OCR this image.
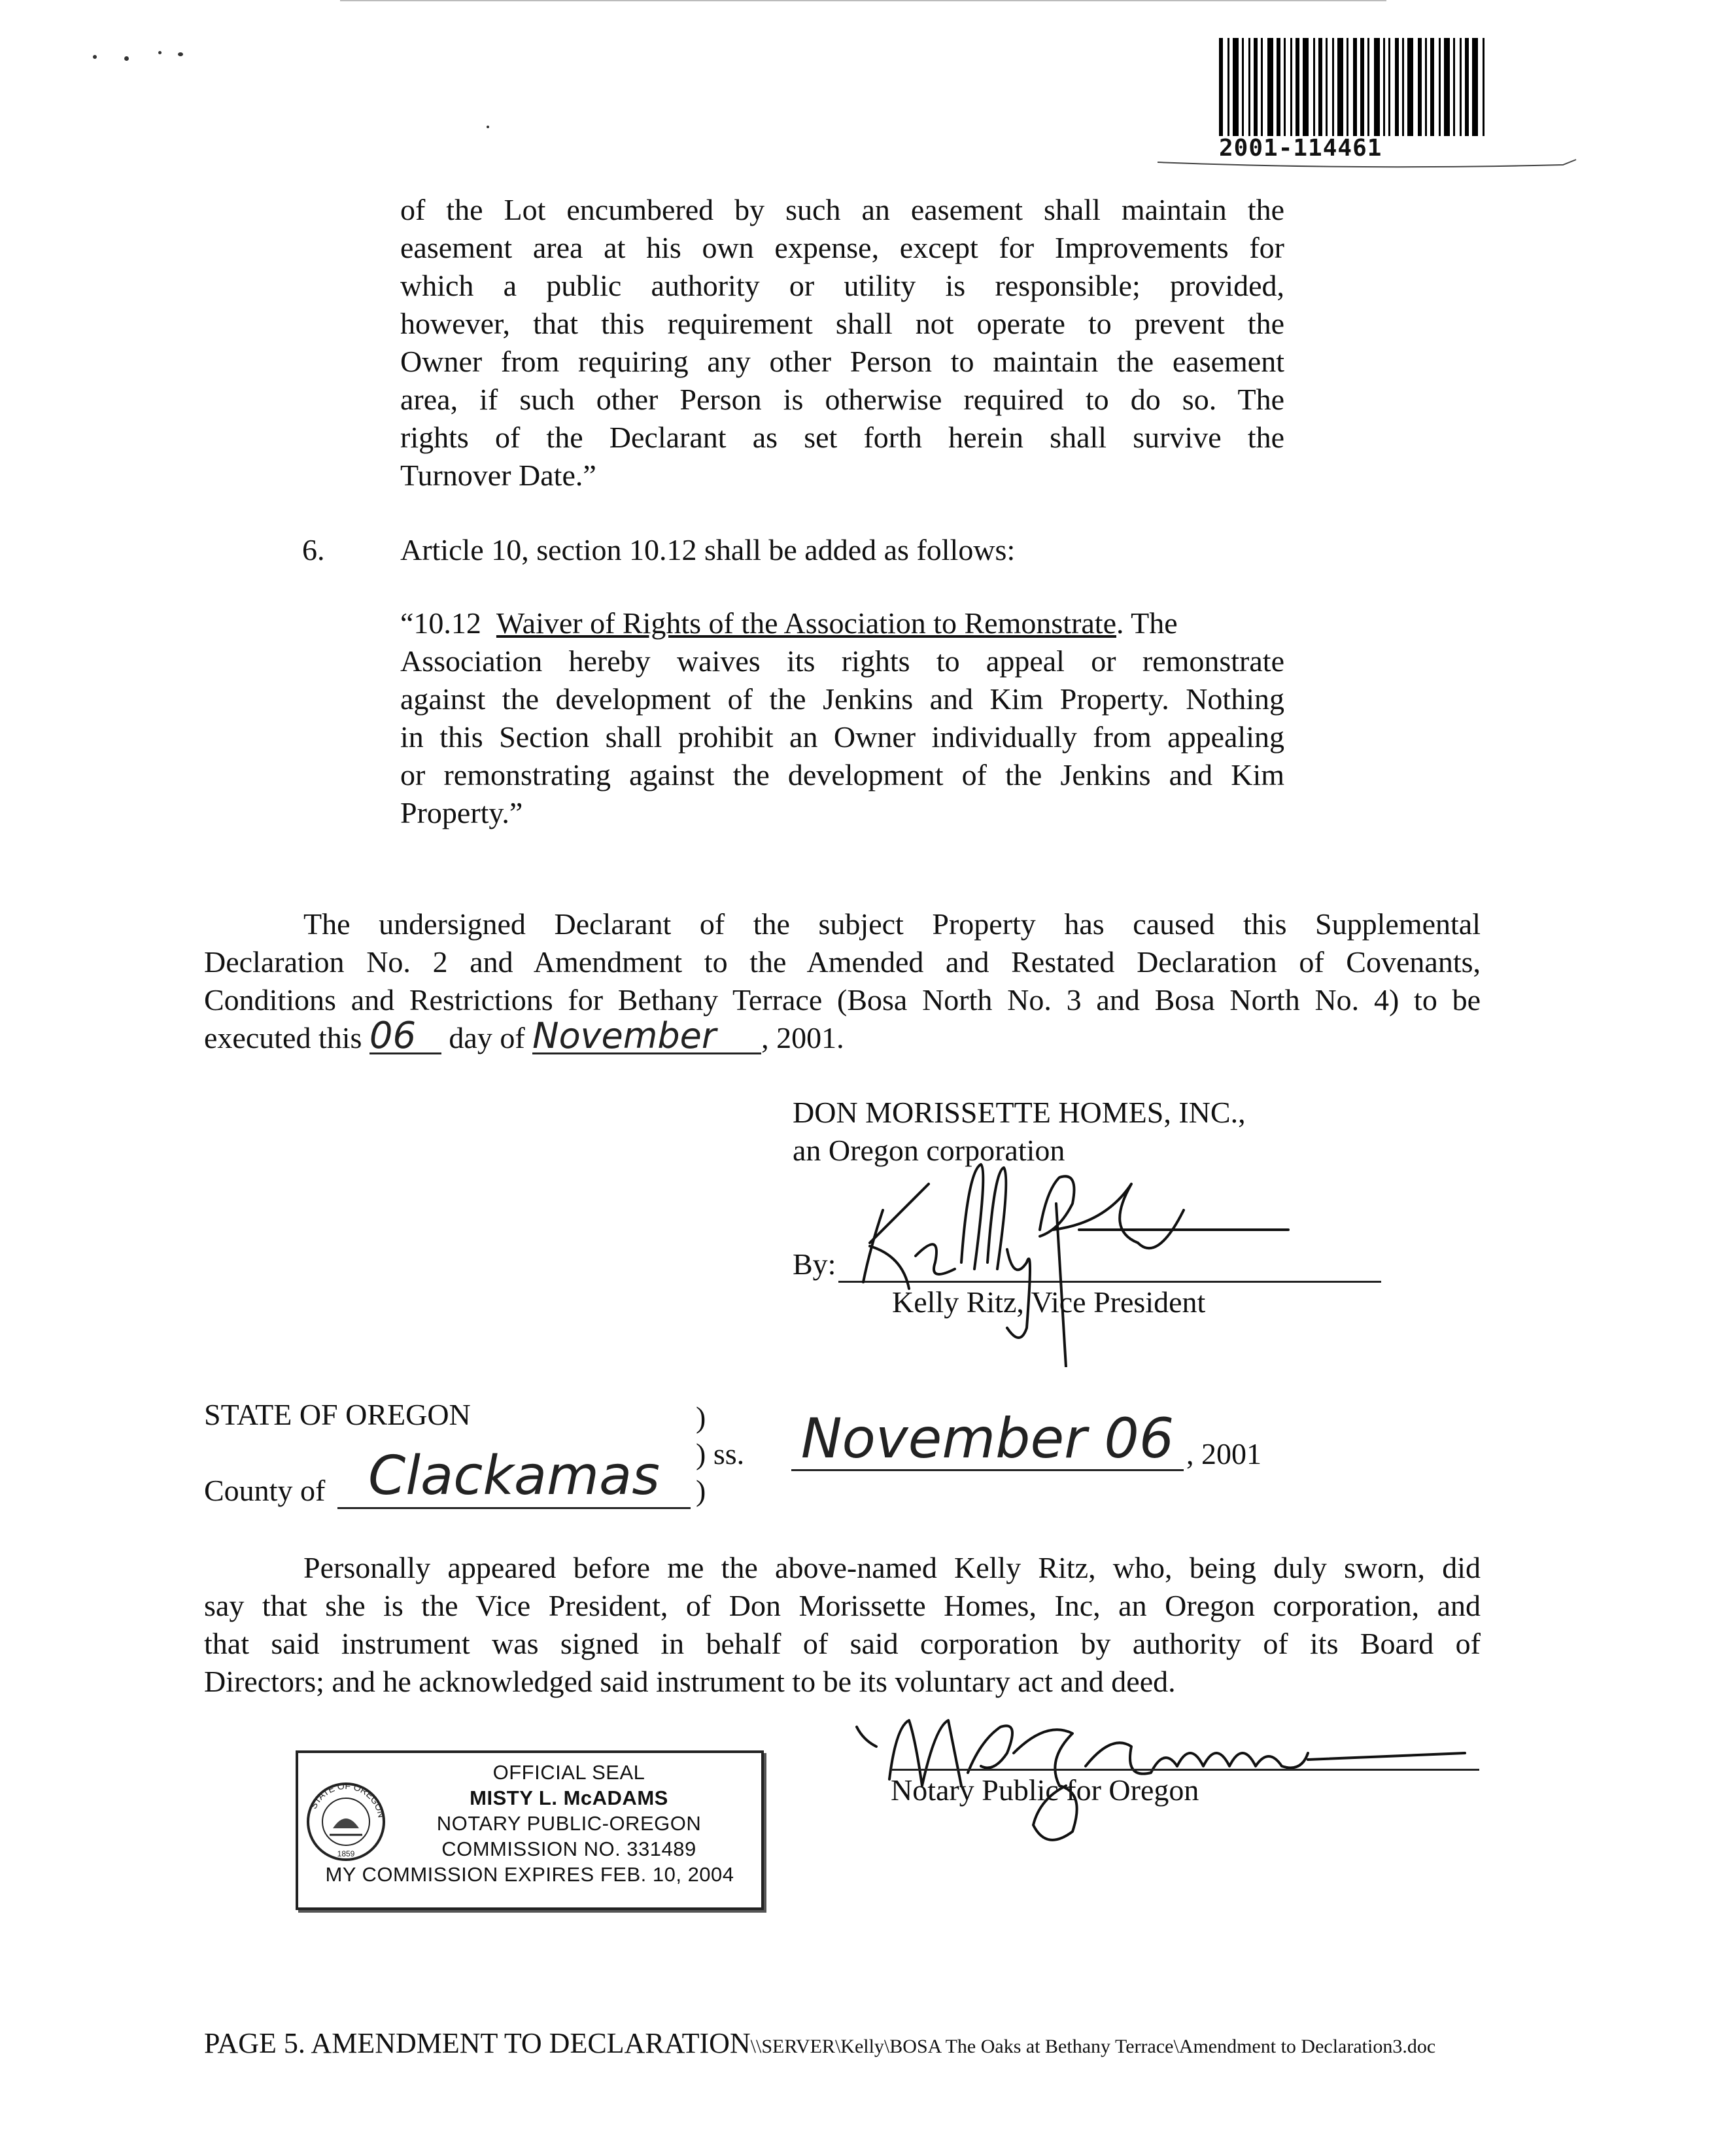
2001-114461
of the Lot encumbered by such an easement shall maintain the
easement area at his own expense, except for Improvements for
which a public authority or utility is responsible; provided,
however, that this requirement shall not operate to prevent the
Owner from requiring any other Person to maintain the easement
area, if such other Person is otherwise required to do so. The
rights of the Declarant as set forth herein shall survive the
Turnover Date.”
6.	Article 10, section 10.12 shall be added as follows:
“10.12 Waiver of Rights of the Association to Remonstrate. The
Association hereby waives its rights to appeal or remonstrate
against the development of the Jenkins and Kim Property. Nothing
in this Section shall prohibit an Owner individually from appealing
or remonstrating against the development of the Jenkins and Kim
Property.”
The undersigned Declarant of the subject Property has caused this Supplemental
Declaration No. 2 and Amendment to the Amended and Restated Declaration of Covenants,
Conditions and Restrictions for Bethany Terrace (Bosa North No. 3 and Bosa North No. 4) to be
executed this 06 day of November , 2001.
DON MORISSETTE HOMES, INC.,
an Oregon corporation
By:
Kelly Ritz, Vice President
STATE OF OREGON	)
) ss.
)
County of Clackamas
November 06 , 2001
Personally appeared before me the above-named Kelly Ritz, who, being duly sworn, did
say that she is the Vice President, of Don Morissette Homes, Inc, an Oregon corporation, and
that said instrument was signed in behalf of said corporation by authority of its Board of
Directors; and he acknowledged said instrument to be its voluntary act and deed.
Notary Public for Oregon
STATE OF OREGON
1859
OFFICIAL SEAL
MISTY L. McADAMS
NOTARY PUBLIC-OREGON
COMMISSION NO. 331489
MY COMMISSION EXPIRES FEB. 10, 2004
PAGE 5. AMENDMENT TO DECLARATION\\SERVER\Kelly\BOSA The Oaks at Bethany Terrace\Amendment to Declaration3.doc
